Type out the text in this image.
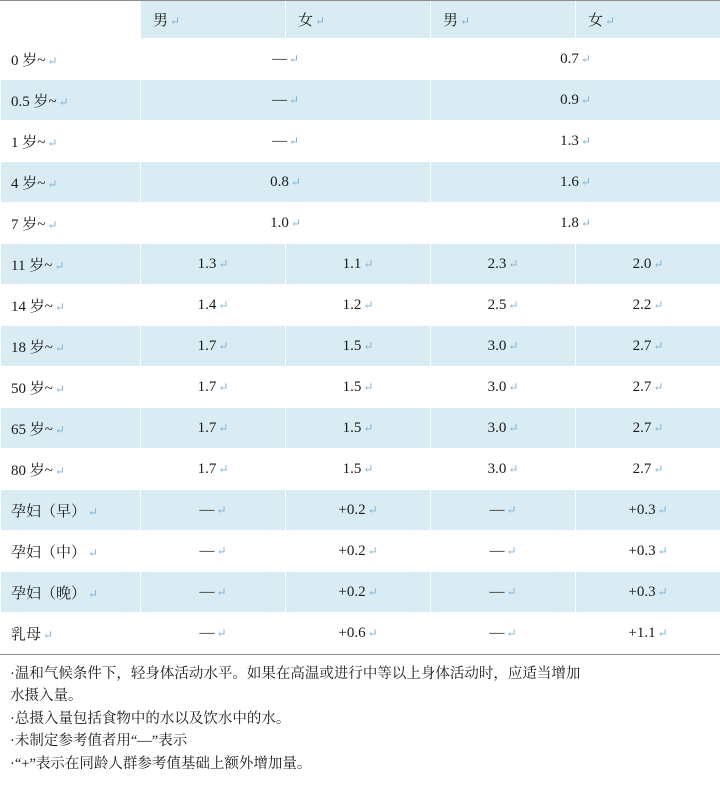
	男 ↵	女 ↵	男 ↵	女 ↵
0 岁~ ↵	— ↵		0.7 ↵	
0.5 岁~ ↵	— ↵		0.9 ↵	
1 岁~ ↵	— ↵		1.3 ↵	
4 岁~ ↵	0.8 ↵		1.6 ↵	
7 岁~ ↵	1.0 ↵		1.8 ↵	
11 岁~ ↵	1.3 ↵	1.1 ↵	2.3 ↵	2.0 ↵
14 岁~ ↵	1.4 ↵	1.2 ↵	2.5 ↵	2.2 ↵
18 岁~ ↵	1.7 ↵	1.5 ↵	3.0 ↵	2.7 ↵
50 岁~ ↵	1.7 ↵	1.5 ↵	3.0 ↵	2.7 ↵
65 岁~ ↵	1.7 ↵	1.5 ↵	3.0 ↵	2.7 ↵
80 岁~ ↵	1.7 ↵	1.5 ↵	3.0 ↵	2.7 ↵
孕妇（早） ↵	— ↵	+0.2 ↵	— ↵	+0.3 ↵
孕妇（中） ↵	— ↵	+0.2 ↵	— ↵	+0.3 ↵
孕妇（晚） ↵	— ↵	+0.2 ↵	— ↵	+0.3 ↵
乳母 ↵	— ↵	+0.6 ↵	— ↵	+1.1 ↵
·温和气候条件下，轻身体活动水平。如果在高温或进行中等以上身体活动时，应适当增加
水摄入量。
·总摄入量包括食物中的水以及饮水中的水。
·未制定参考值者用“—”表示
·“+”表示在同龄人群参考值基础上额外增加量。
